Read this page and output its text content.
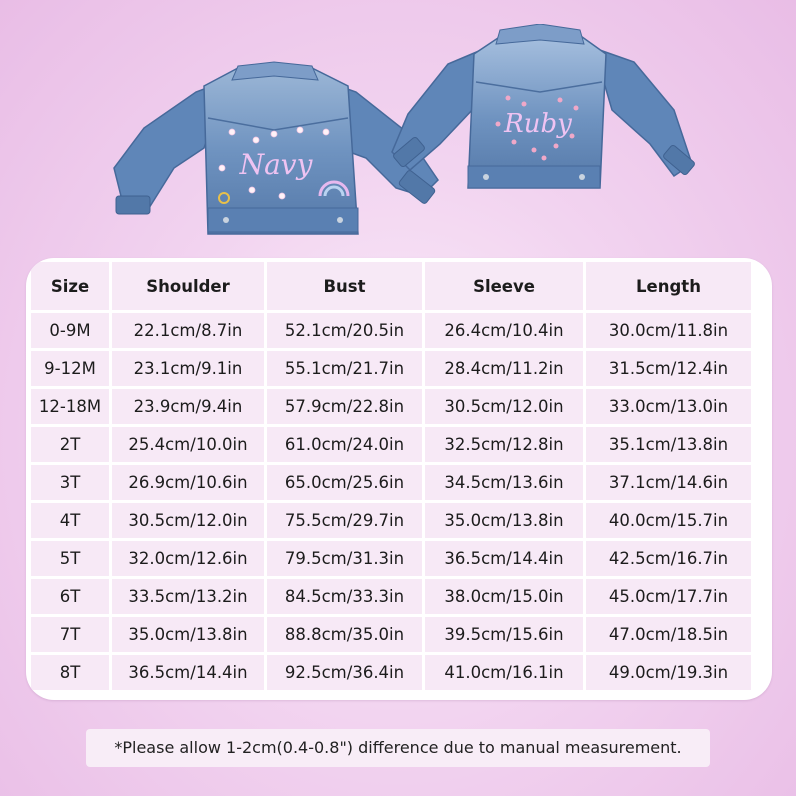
Navy
Ruby
Size	Shoulder	Bust	Sleeve	Length
0-9M	22.1cm/8.7in	52.1cm/20.5in	26.4cm/10.4in	30.0cm/11.8in
9-12M	23.1cm/9.1in	55.1cm/21.7in	28.4cm/11.2in	31.5cm/12.4in
12-18M	23.9cm/9.4in	57.9cm/22.8in	30.5cm/12.0in	33.0cm/13.0in
2T	25.4cm/10.0in	61.0cm/24.0in	32.5cm/12.8in	35.1cm/13.8in
3T	26.9cm/10.6in	65.0cm/25.6in	34.5cm/13.6in	37.1cm/14.6in
4T	30.5cm/12.0in	75.5cm/29.7in	35.0cm/13.8in	40.0cm/15.7in
5T	32.0cm/12.6in	79.5cm/31.3in	36.5cm/14.4in	42.5cm/16.7in
6T	33.5cm/13.2in	84.5cm/33.3in	38.0cm/15.0in	45.0cm/17.7in
7T	35.0cm/13.8in	88.8cm/35.0in	39.5cm/15.6in	47.0cm/18.5in
8T	36.5cm/14.4in	92.5cm/36.4in	41.0cm/16.1in	49.0cm/19.3in
*Please allow 1-2cm(0.4-0.8") difference due to manual measurement.
